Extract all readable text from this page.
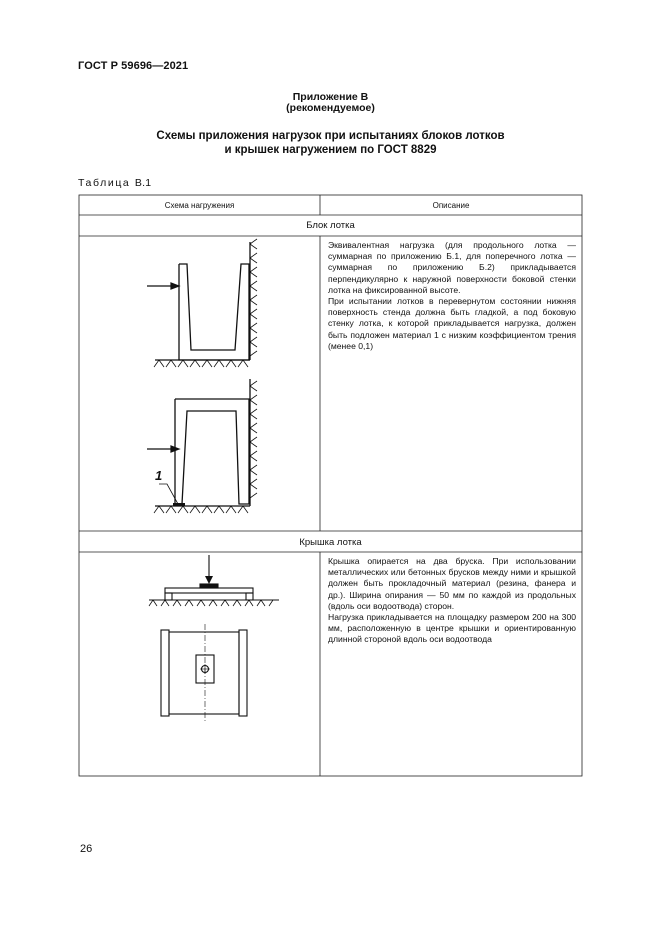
ГОСТ Р 59696—2021
Приложение В
(рекомендуемое)
Схемы приложения нагрузок при испытаниях блоков лотков
и крышек нагружением по ГОСТ 8829
Таблица В.1
Схема нагружения	Описание
Блок лотка

Эквивалентная нагрузка (для продольного лотка — суммарная по приложению Б.1, для поперечного лотка — суммарная по приложению Б.2) прикладывается перпендикулярно к наружной поверхности боковой стенки лотка на фиксированной высоте.

При испытании лотков в перевернутом состоянии нижняя поверхность стенда должна быть гладкой, а под боковую стенку лотка, к которой прикладывается нагрузка, должен быть подложен материал 1 с низким коэффициентом трения (менее 0,1)

1
Крышка лотка

Крышка опирается на два бруска. При использовании металлических или бетонных брусков между ними и крышкой должен быть прокладочный материал (резина, фанера и др.). Ширина опирания — 50 мм по каждой из продольных (вдоль оси водоотвода) сторон.

Нагрузка прикладывается на площадку размером 200 на 300 мм, расположенную в центре крышки и ориентированную длинной стороной вдоль оси водоотвода

26
